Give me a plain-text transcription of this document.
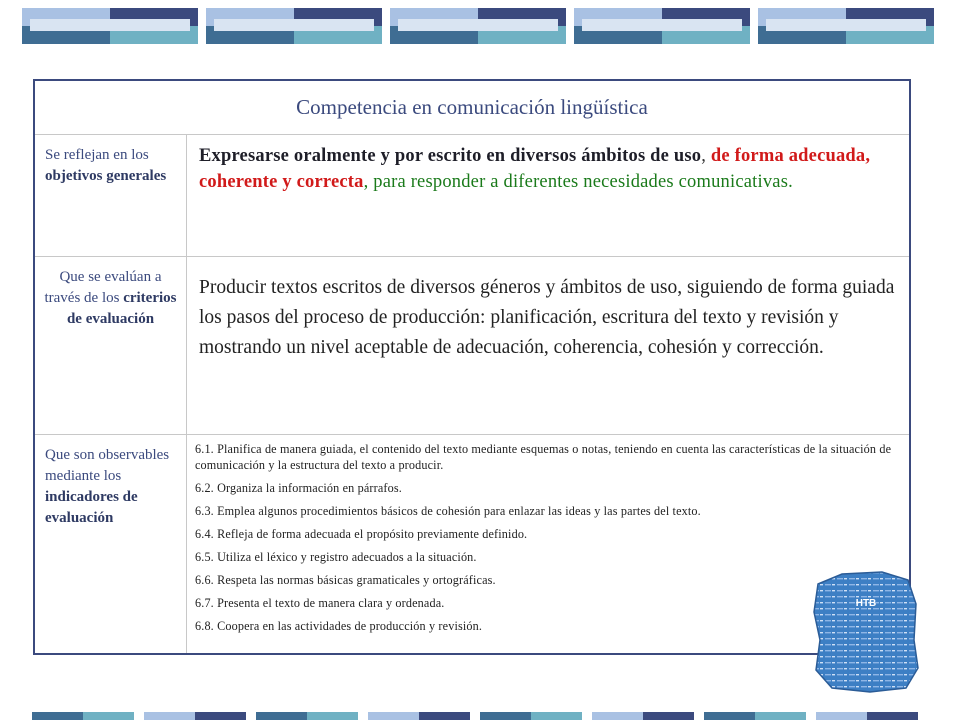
Competencia en comunicación lingüística
Se reflejan en los objetivos generales
Expresarse oralmente y por escrito en diversos ámbitos de uso, de forma adecuada, coherente y correcta, para responder a diferentes necesidades comunicativas.
Que se evalúan a través de los criterios de evaluación
Producir textos escritos de diversos géneros y ámbitos de uso, siguiendo de forma guiada los pasos del proceso de producción: planificación, escritura del texto y revisión y mostrando un nivel aceptable de adecuación, coherencia, cohesión y corrección.
Que son observables mediante los indicadores de evaluación
6.1. Planifica de manera guiada, el contenido del texto mediante esquemas o notas, teniendo en cuenta las características de la situación de comunicación y la estructura del texto a producir.
6.2. Organiza la información en párrafos.
6.3. Emplea algunos procedimientos básicos de cohesión para enlazar las ideas y las partes del texto.
6.4. Refleja de forma adecuada el propósito previamente definido.
6.5. Utiliza el léxico y registro adecuados a la situación.
6.6. Respeta las normas básicas gramaticales y ortográficas.
6.7. Presenta el texto de manera clara y ordenada.
6.8. Coopera en las actividades de producción y revisión.
HTB
